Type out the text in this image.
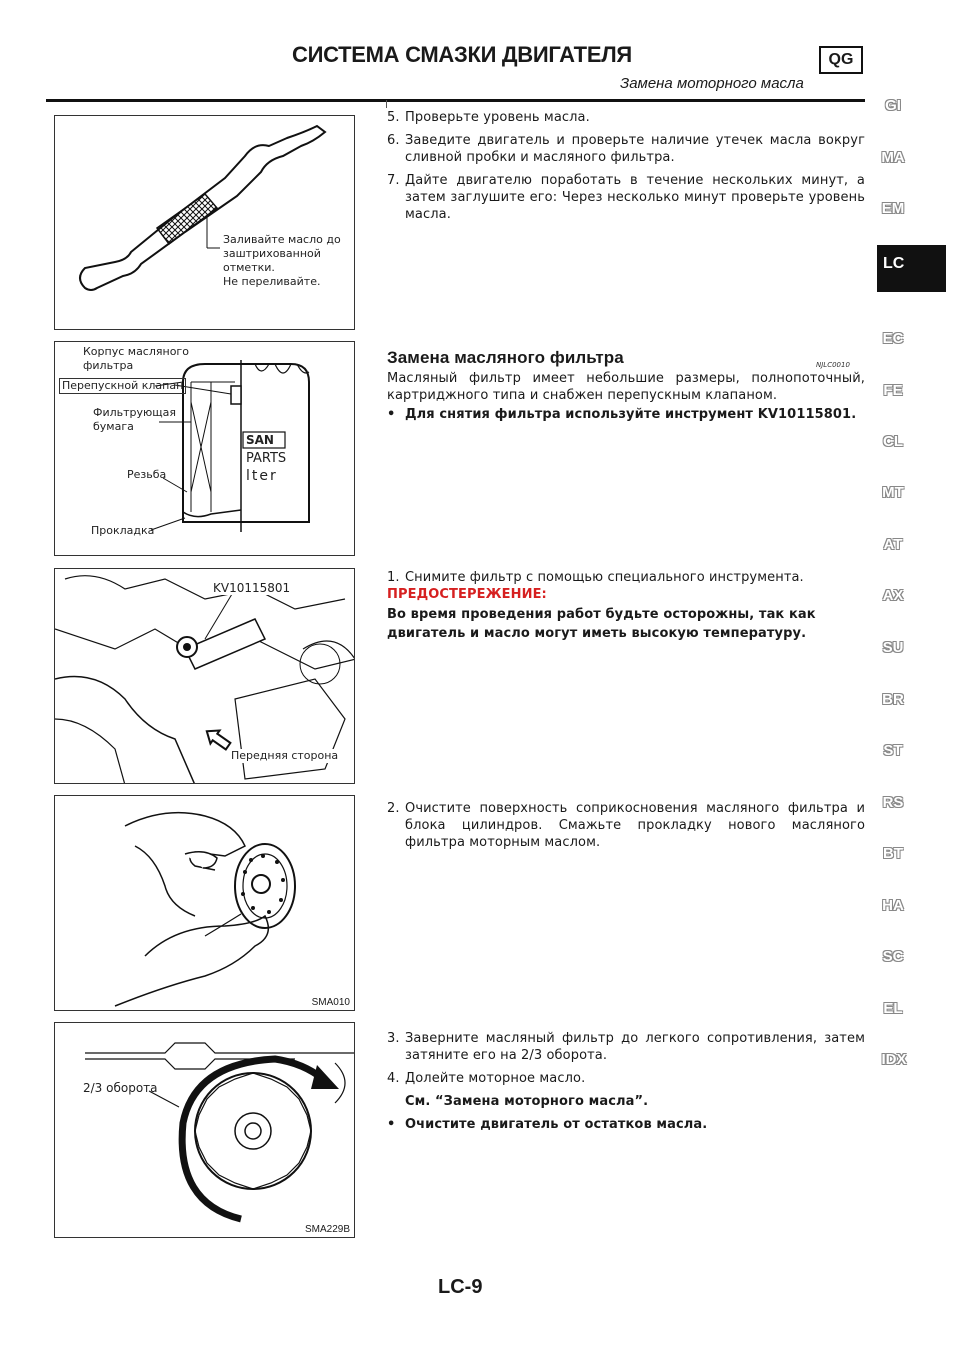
СИСТЕМА СМАЗКИ ДВИГАТЕЛЯ	QG
Замена моторного масла
Заливайте масло до
заштрихованной
отметки.
Не переливайте.
5. Проверьте уровень масла.
6. Заведите двигатель и проверьте наличие утечек масла вокруг сливной пробки и масляного фильтра.
7. Дайте двигателю поработать в течение нескольких минут, а затем заглушите его: Через несколько минут проверьте уровень масла.
Корпус масляного
фильтра
Перепускной клапан
Фильтрующая
бумага
Резьба
Прокладка
SAN
PARTS
lter
Замена масляного фильтра
Масляный фильтр имеет небольшие размеры, полнопоточный, картриджного типа и снабжен перепускным клапаном.
• Для снятия фильтра используйте инструмент KV10115801.
NJLC0010
KV10115801
Передняя сторона
1. Снимите фильтр с помощью специального инструмента.
ПРЕДОСТЕРЕЖЕНИЕ:
Во время проведения работ будьте осторожны, так как двигатель и масло могут иметь высокую температуру.
SMA010
2. Очистите поверхность соприкосновения масляного фильтра и блока цилиндров. Смажьте прокладку нового масляного фильтра моторным маслом.
2/3 оборота
SMA229B
3. Заверните масляный фильтр до легкого сопротивления, затем затяните его на 2/3 оборота.
4. Долейте моторное масло.
См. “Замена моторного масла”.
• Очистите двигатель от остатков масла.
GI
MA
EM
LC
EC
FE
CL
MT
AT
AX
SU
BR
ST
RS
BT
HA
SC
EL
IDX
LC-9
